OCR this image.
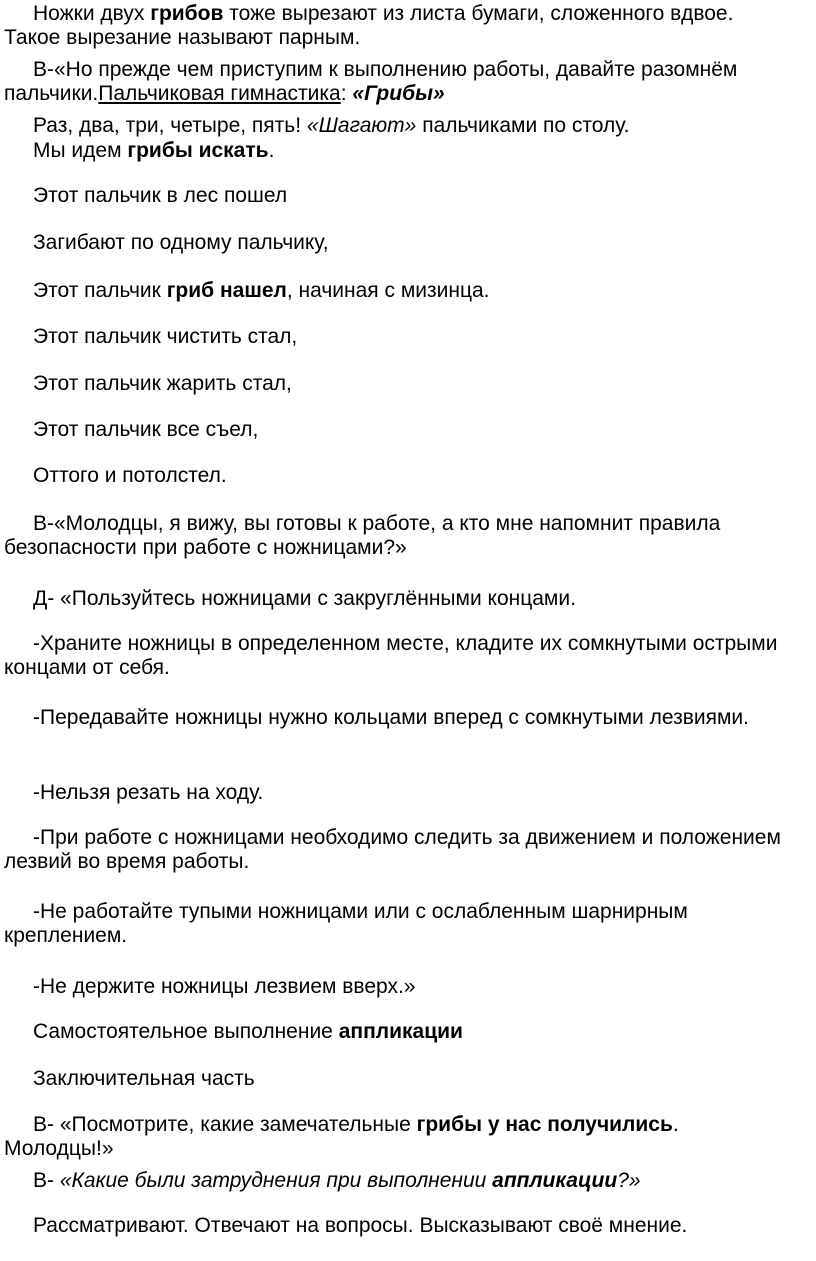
Ножки двух грибов тоже вырезают из листа бумаги, сложенного вдвое. Такое вырезание называют парным.

В-«Но прежде чем приступим к выполнению работы, давайте разомнём пальчики.Пальчиковая гимнастика: «Грибы»

Раз, два, три, четыре, пять! «Шагают» пальчиками по столу.

Мы идем грибы искать.

Этот пальчик в лес пошел

Загибают по одному пальчику,

Этот пальчик гриб нашел, начиная с мизинца.

Этот пальчик чистить стал,

Этот пальчик жарить стал,

Этот пальчик все съел,

Оттого и потолстел.

В-«Молодцы, я вижу, вы готовы к работе, а кто мне напомнит правила безопасности при работе с ножницами?»

Д- «Пользуйтесь ножницами с закруглёнными концами.

-Храните ножницы в определенном месте, кладите их сомкнутыми острыми концами от себя.

-Передавайте ножницы нужно кольцами вперед с сомкнутыми лезвиями.

-Нельзя резать на ходу.

-При работе с ножницами необходимо следить за движением и положением лезвий во время работы.

-Не работайте тупыми ножницами или с ослабленным шарнирным креплением.

-Не держите ножницы лезвием вверх.»

Самостоятельное выполнение аппликации

Заключительная часть

В- «Посмотрите, какие замечательные грибы у нас получились. Молодцы!»

В- «Какие были затруднения при выполнении аппликации?»

Рассматривают. Отвечают на вопросы. Высказывают своё мнение.
